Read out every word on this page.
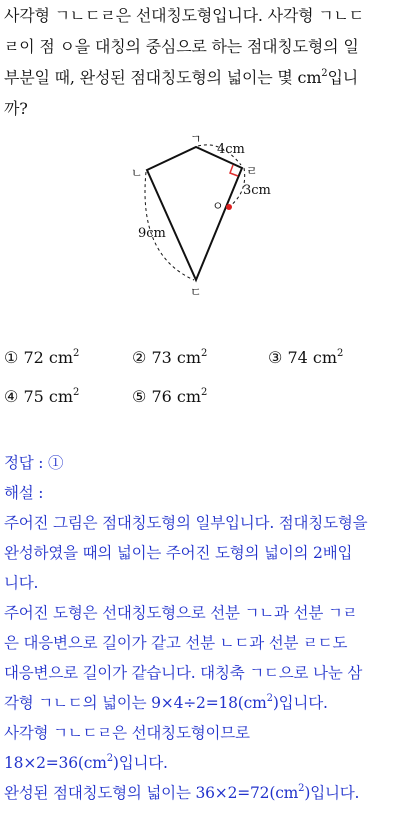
사각형 ㄱㄴㄷㄹ은 선대칭도형입니다. 사각형 ㄱㄴㄷ
ㄹ이 점 ㅇ을 대칭의 중심으로 하는 점대칭도형의 일
부분일 때, 완성된 점대칭도형의 넓이는 몇 $cm^2$입니
까?
ㄱ
ㄴ	ㄹ
ㄷ
ㅇ
4cm
3cm
9cm
① 72 $cm^2$	② 73 $cm^2$	③ 74 $cm^2$
④ 75 $cm^2$	⑤ 76 $cm^2$
정답 : ①
해설 :
주어진 그림은 점대칭도형의 일부입니다. 점대칭도형을
완성하였을 때의 넓이는 주어진 도형의 넓이의 2배입
니다.
주어진 도형은 선대칭도형으로 선분 ㄱㄴ과 선분 ㄱㄹ
은 대응변으로 길이가 같고 선분 ㄴㄷ과 선분 ㄹㄷ도
대응변으로 길이가 같습니다. 대칭축 ㄱㄷ으로 나눈 삼
각형 ㄱㄴㄷ의 넓이는 $9\times 4\div 2=18(cm^2)$입니다.
사각형 ㄱㄴㄷㄹ은 선대칭도형이므로
$18\times 2=36(cm^2)$입니다.
완성된 점대칭도형의 넓이는 $36\times 2=72(cm^2)$입니다.
